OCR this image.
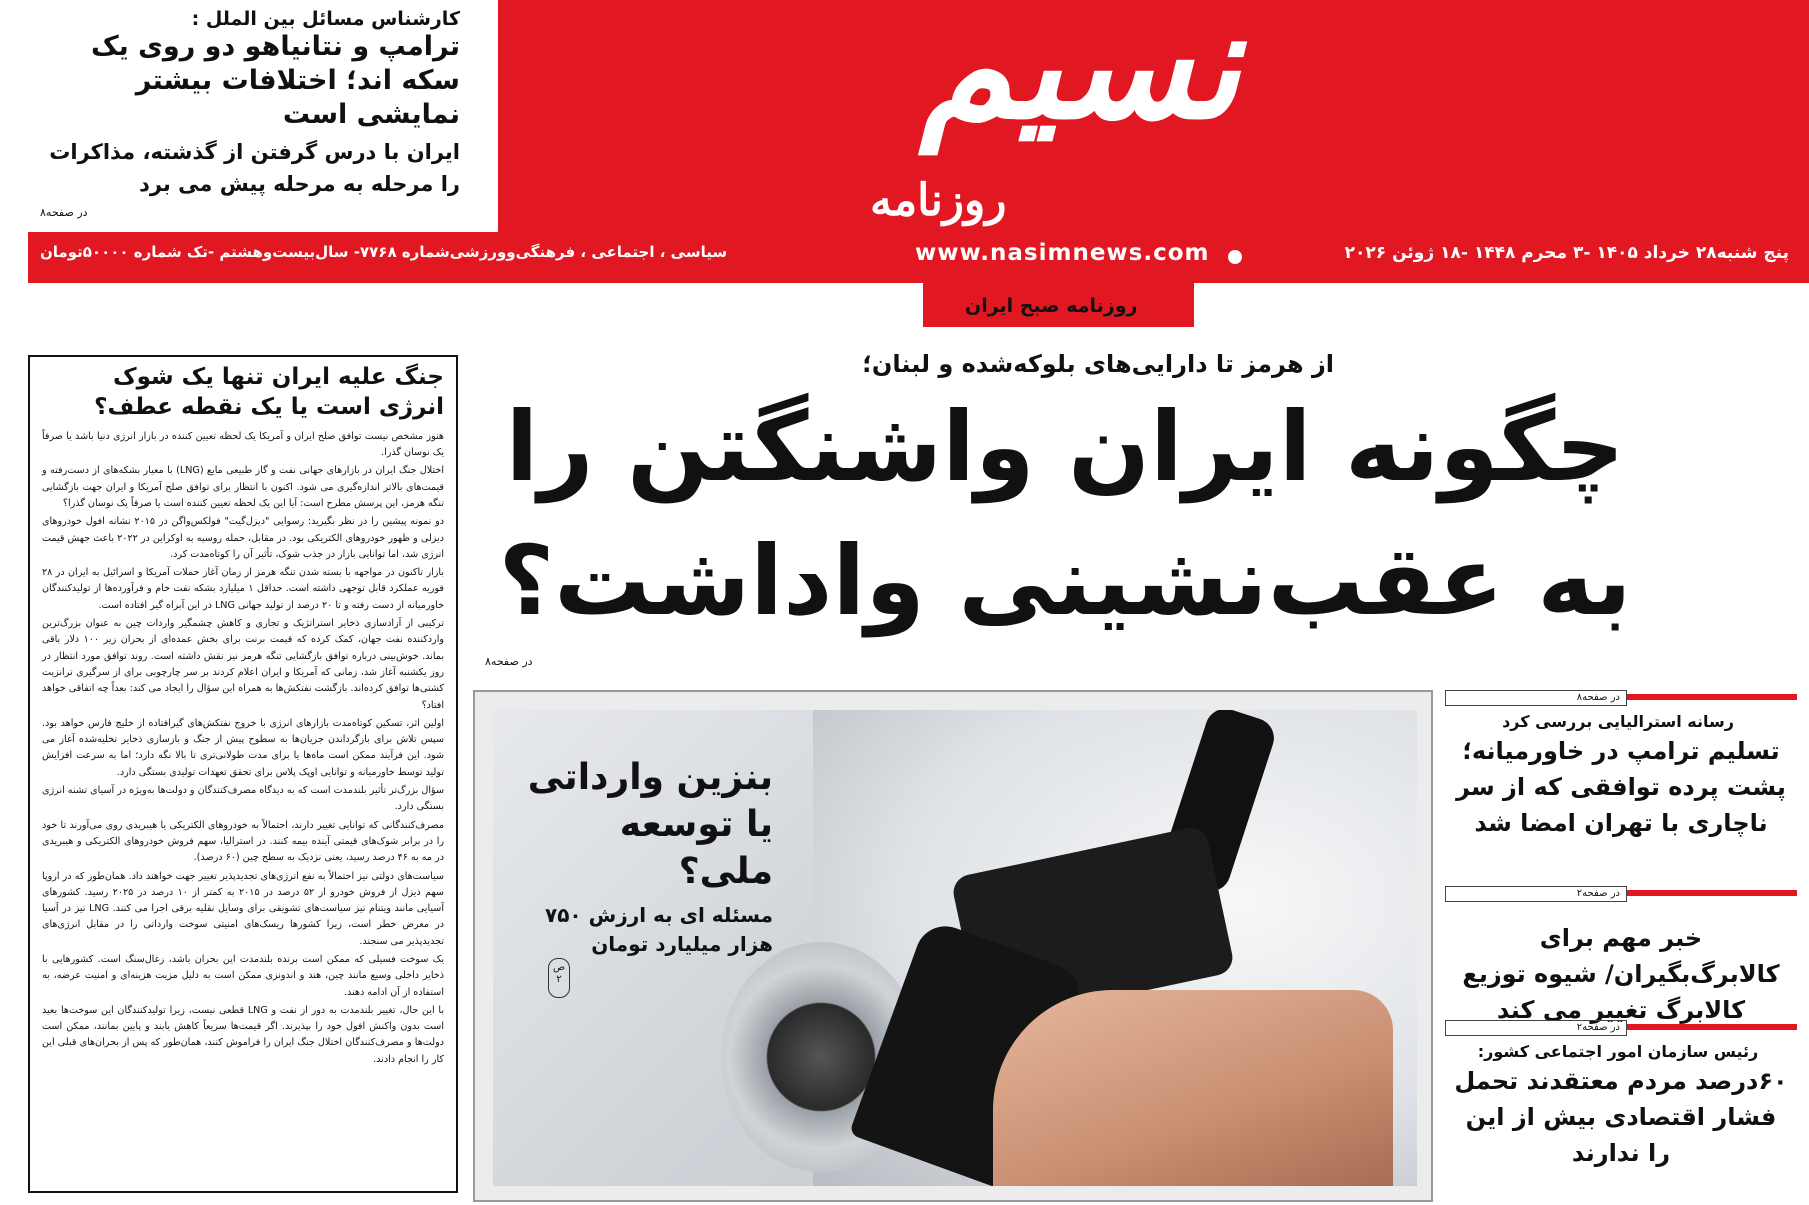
کارشناس مسائل بین الملل :
ترامپ و نتانیاهو دو روی یک سکه اند؛ اختلافات بیشتر نمایشی است
ایران با درس گرفتن از گذشته، مذاکرات را مرحله به مرحله پیش می برد
در صفحه۸
نسیم
روزنامه
پنج شنبه۲۸ خرداد ۱۴۰۵ -۳ محرم ۱۴۴۸ -۱۸ ژوئن ۲۰۲۶
www.nasimnews.com
سیاسی ، اجتماعی ، فرهنگی‌وورزشی‌شماره ۷۷۶۸- سال‌بیست‌وهشتم -تک شماره ۵۰۰۰۰تومان
روزنامه صبح ایران
از هرمز تا دارایی‌های بلوکه‌شده و لبنان؛
چگونه ایران واشنگتن را
به عقب‌نشینی واداشت؟
در صفحه۸
جنگ علیه ایران تنها یک شوک انرژی است یا یک نقطه عطف؟

هنوز مشخص نیست توافق صلح ایران و آمریکا یک لحظه تعیین کننده در بازار انرژی دنیا باشد یا صرفاً یک نوسان گذرا.

اختلال جنگ ایران در بازارهای جهانی نفت و گاز طبیعی مایع (LNG) با معیار بشکه‌های از دست‌رفته و قیمت‌های بالاتر اندازه‌گیری می شود. اکنون با انتظار برای توافق صلح آمریکا و ایران جهت بازگشایی تنگه هرمز، این پرسش مطرح است: آیا این یک لحظه تعیین کننده است یا صرفاً یک نوسان گذرا؟

دو نمونه پیشین را در نظر بگیرید: رسوایی "دیزل‌گیت" فولکس‌واگن در ۲۰۱۵ نشانه افول خودروهای دیزلی و ظهور خودروهای الکتریکی بود. در مقابل، حمله روسیه به اوکراین در ۲۰۲۲ باعث جهش قیمت انرژی شد، اما توانایی بازار در جذب شوک، تأثیر آن را کوتاه‌مدت کرد.

بازار تاکنون در مواجهه با بسته شدن تنگه هرمز از زمان آغاز حملات آمریکا و اسرائیل به ایران در ۲۸ فوریه عملکرد قابل توجهی داشته است. حداقل ۱ میلیارد بشکه نفت خام و فرآورده‌ها از تولیدکنندگان خاورمیانه از دست رفته و تا ۲۰ درصد از تولید جهانی LNG در این آبراه گیر افتاده است.

ترکیبی از آزادسازی ذخایر استراتژیک و تجاری و کاهش چشمگیر واردات چین به عنوان بزرگ‌ترین واردکننده نفت جهان، کمک کرده که قیمت برنت برای بخش عمده‌ای از بحران زیر ۱۰۰ دلار باقی بماند. خوش‌بینی درباره توافق بازگشایی تنگه هرمز نیز نقش داشته است. روند توافق مورد انتظار در روز یکشنبه آغاز شد، زمانی که آمریکا و ایران اعلام کردند بر سر چارچوبی برای از سرگیری ترانزیت کشتی‌ها توافق کرده‌اند. بازگشت نفتکش‌ها به همراه این سؤال را ایجاد می کند: بعداً چه اتفاقی خواهد افتاد؟

اولین اثر، تسکین کوتاه‌مدت بازارهای انرژی با خروج نفتکش‌های گیرافتاده از خلیج فارس خواهد بود. سپس تلاش برای بازگرداندن جریان‌ها به سطوح پیش از جنگ و بازسازی ذخایر تخلیه‌شده آغاز می شود. این فرآیند ممکن است ماه‌ها یا برای مدت طولانی‌تری تا بالا نگه دارد؛ اما به سرعت افزایش تولید توسط خاورمیانه و توانایی اوپک پلاس برای تحقق تعهدات تولیدی بستگی دارد.

سؤال بزرگ‌تر تأثیر بلندمدت است که به دیدگاه مصرف‌کنندگان و دولت‌ها به‌ویژه در آسیای تشنه انرژی بستگی دارد.

مصرف‌کنندگانی که توانایی تغییر دارند، احتمالاً به خودروهای الکتریکی یا هیبریدی روی می‌آورند تا خود را در برابر شوک‌های قیمتی آینده بیمه کنند. در استرالیا، سهم فروش خودروهای الکتریکی و هیبریدی در مه به ۴۶ درصد رسید، یعنی نزدیک به سطح چین (۶۰ درصد).

سیاست‌های دولتی نیز احتمالاً به نفع انرژی‌های تجدیدپذیر تغییر جهت خواهند داد. همان‌طور که در اروپا سهم دیزل از فروش خودرو از ۵۲ درصد در ۲۰۱۵ به کمتر از ۱۰ درصد در ۲۰۲۵ رسید. کشورهای آسیایی مانند ویتنام نیز سیاست‌های تشویقی برای وسایل نقلیه برقی اجرا می کنند. LNG نیز در آسیا در معرض خطر است، زیرا کشورها ریسک‌های امنیتی سوخت وارداتی را در مقابل انرژی‌های تجدیدپذیر می سنجند.

یک سوخت فسیلی که ممکن است برنده بلندمدت این بحران باشد، زغال‌سنگ است. کشورهایی با ذخایر داخلی وسیع مانند چین، هند و اندونزی ممکن است به دلیل مزیت هزینه‌ای و امنیت عرضه، به استفاده از آن ادامه دهند.

با این حال، تغییر بلندمدت به دور از نفت و LNG قطعی نیست، زیرا تولیدکنندگان این سوخت‌ها بعید است بدون واکنش افول خود را بپذیرند. اگر قیمت‌ها سریعاً کاهش یابند و پایین بمانند، ممکن است دولت‌ها و مصرف‌کنندگان اختلال جنگ ایران را فراموش کنند، همان‌طور که پس از بحران‌های قبلی این کار را انجام دادند.

بنزین وارداتی یا توسعه ملی؟
مسئله ای به ارزش ۷۵۰ هزار میلیارد تومان
ص ۲
در صفحه۸
رسانه استرالیایی بررسی کرد
تسلیم ترامپ در خاورمیانه؛ پشت پرده توافقی که از سر ناچاری با تهران امضا شد
در صفحه۲
خبر مهم برای کالابرگ‌بگیران/ شیوه توزیع کالابرگ تغییر می کند
در صفحه۲
رئیس سازمان امور اجتماعی کشور:
۶۰درصد مردم معتقدند تحمل فشار اقتصادی بیش از این را ندارند
